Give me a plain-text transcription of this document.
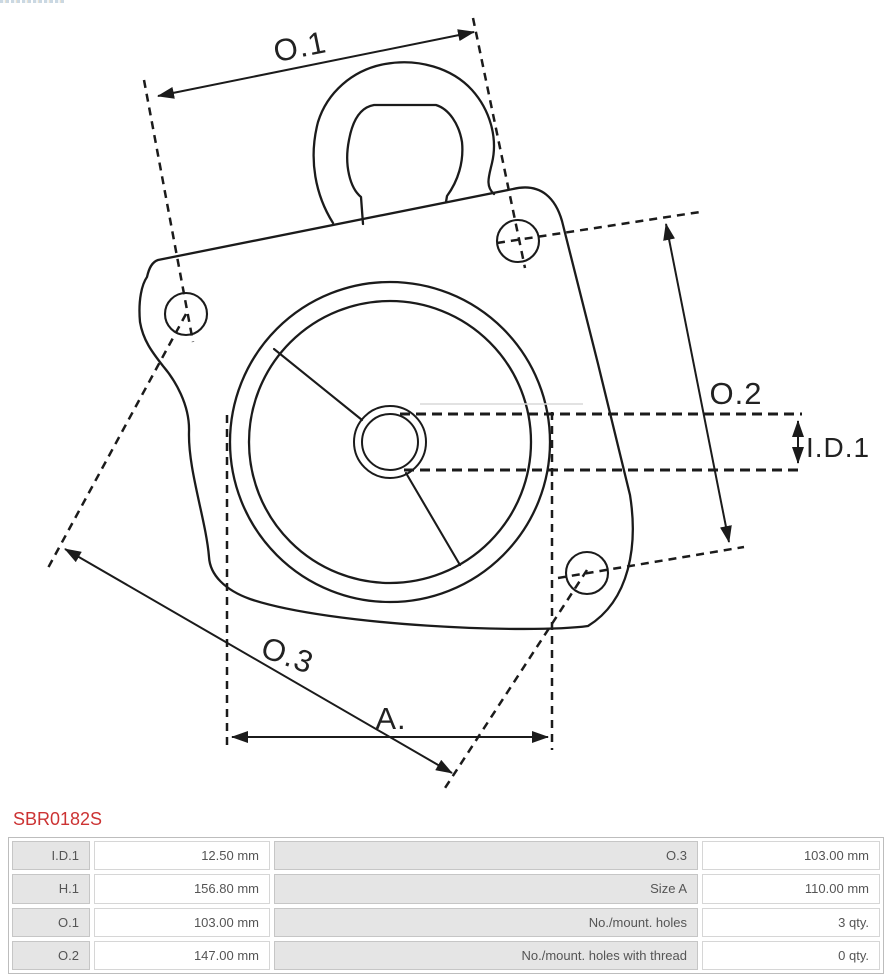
O.1
O.2
I.D.1
O.3
A.
SBR0182S
I.D.1	12.50 mm	O.3	103.00 mm
H.1	156.80 mm	Size A	110.00 mm
O.1	103.00 mm	No./mount. holes	3 qty.
O.2	147.00 mm	No./mount. holes with thread	0 qty.
